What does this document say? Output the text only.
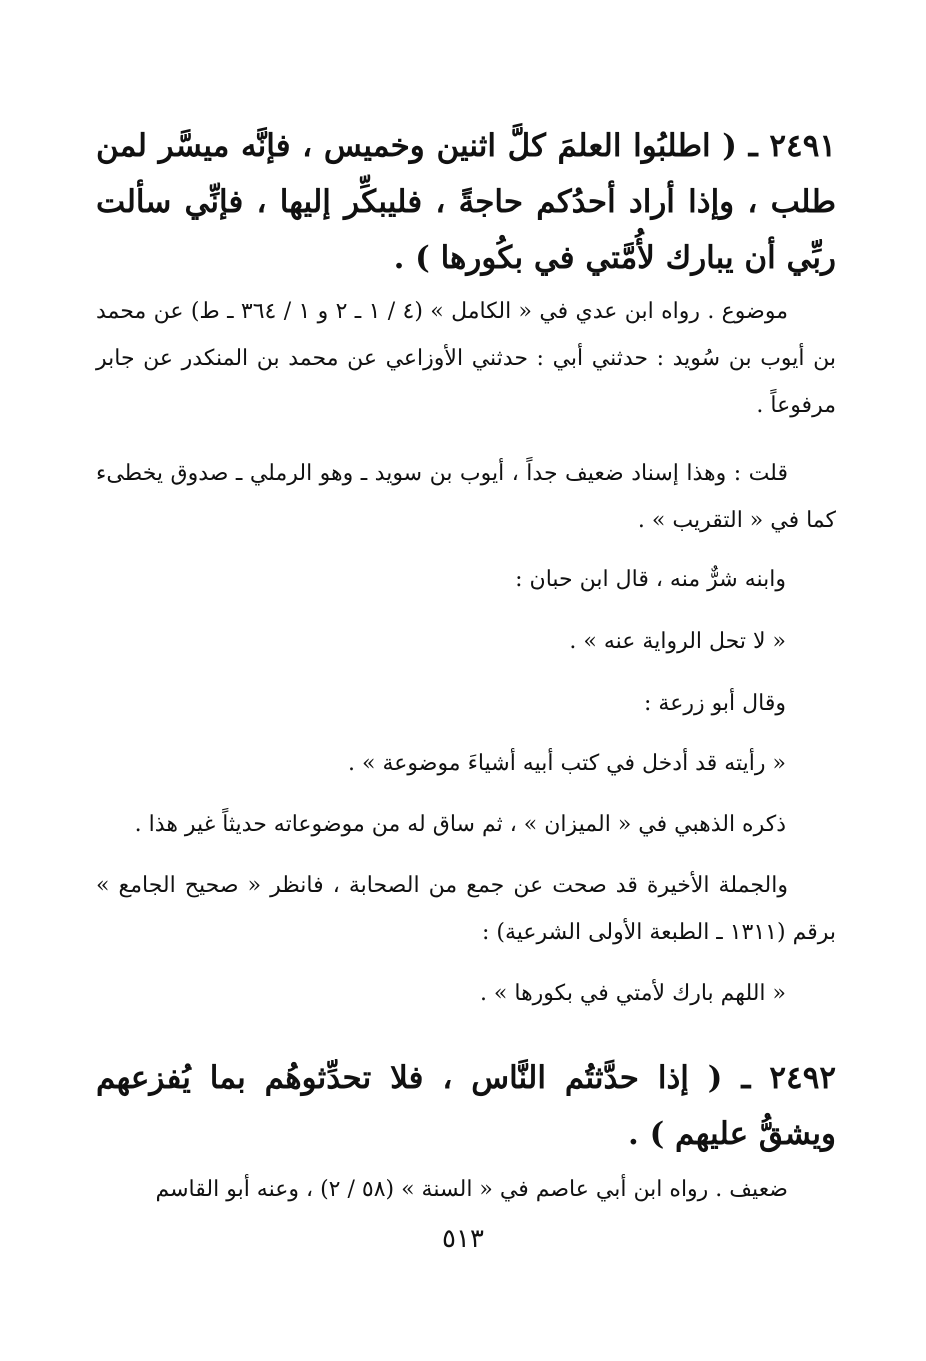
٢٤٩١ ـ ( اطلبُوا العلمَ كلَّ اثنين وخميس ، فإنَّه ميسَّر لمن طلب ، وإذا أراد أحدُكم حاجةً ، فليبكِّر إليها ، فإنِّي سألت ربِّي أن يبارك لأُمَّتي في بكُورها ) .
موضوع . رواه ابن عدي في « الكامل » (٤ / ١ ـ ٢ و ١ / ٣٦٤ ـ ط) عن محمد بن أيوب بن سُويد : حدثني أبي : حدثني الأوزاعي عن محمد بن المنكدر عن جابر مرفوعاً .
قلت : وهذا إسناد ضعيف جداً ، أيوب بن سويد ـ وهو الرملي ـ صدوق يخطىء كما في « التقريب » .
وابنه شرٌّ منه ، قال ابن حبان :
« لا تحل الرواية عنه » .
وقال أبو زرعة :
« رأيته قد أدخل في كتب أبيه أشياءَ موضوعة » .
ذكره الذهبي في « الميزان » ، ثم ساق له من موضوعاته حديثاً غير هذا .
والجملة الأخيرة قد صحت عن جمع من الصحابة ، فانظر « صحيح الجامع » برقم (١٣١١ ـ الطبعة الأولى الشرعية) :
« اللهم بارك لأمتي في بكورها » .
٢٤٩٢ ـ ( إذا حدَّثتُم النَّاس ، فلا تحدِّثوهُم بما يُفزعهم ويشقُّ عليهم ) .
ضعيف . رواه ابن أبي عاصم في « السنة » (٥٨ / ٢) ، وعنه أبو القاسم
٥١٣
